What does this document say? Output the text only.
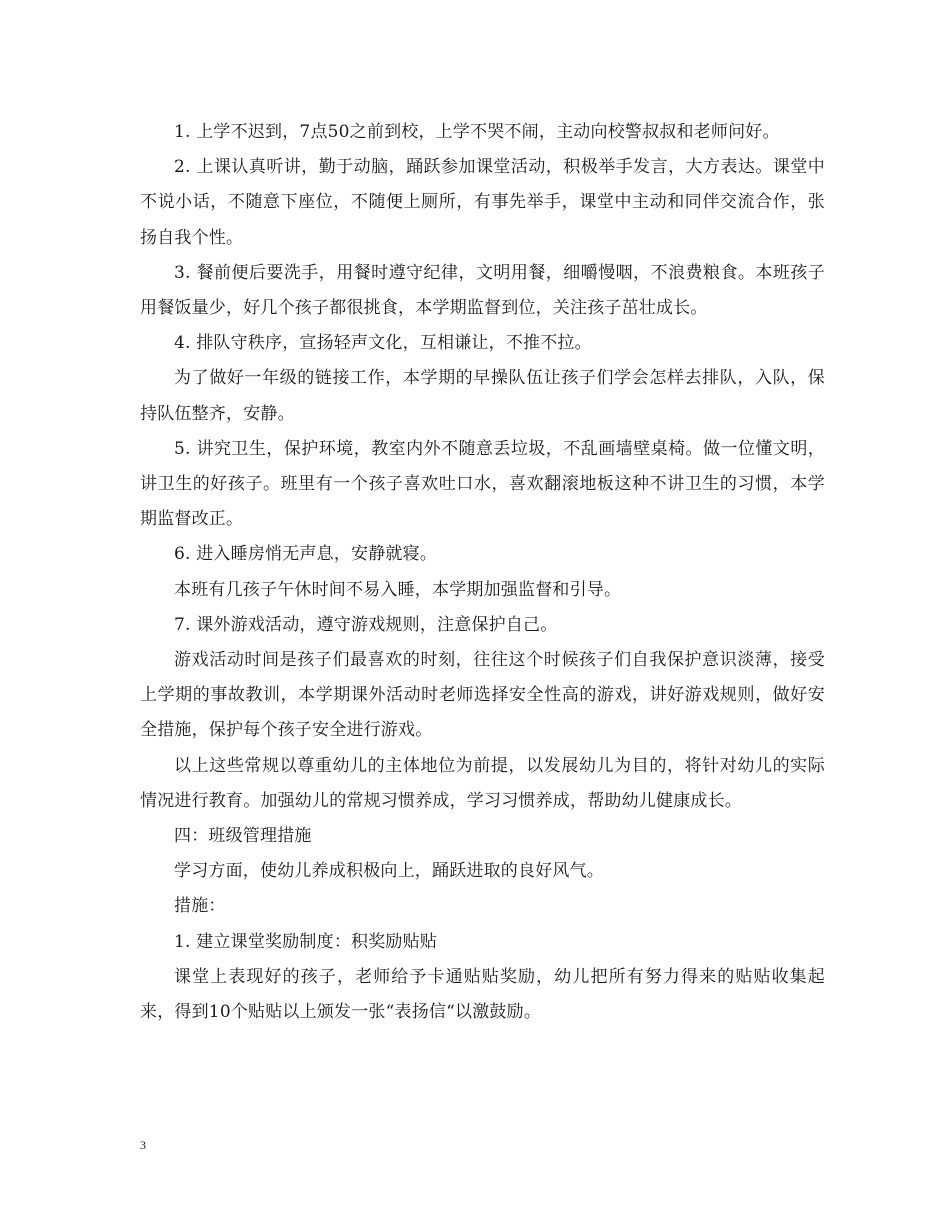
1. 上学不迟到，7点50之前到校，上学不哭不闹，主动向校警叔叔和老师问好。

2. 上课认真听讲，勤于动脑，踊跃参加课堂活动，积极举手发言，大方表达。课堂中不说小话，不随意下座位，不随便上厕所，有事先举手，课堂中主动和同伴交流合作，张扬自我个性。

3. 餐前便后要洗手，用餐时遵守纪律，文明用餐，细嚼慢咽，不浪费粮食。本班孩子用餐饭量少，好几个孩子都很挑食，本学期监督到位，关注孩子茁壮成长。

4. 排队守秩序，宣扬轻声文化，互相谦让，不推不拉。

为了做好一年级的链接工作，本学期的早操队伍让孩子们学会怎样去排队，入队，保持队伍整齐，安静。

5. 讲究卫生，保护环境，教室内外不随意丢垃圾，不乱画墙壁桌椅。做一位懂文明，讲卫生的好孩子。班里有一个孩子喜欢吐口水，喜欢翻滚地板这种不讲卫生的习惯，本学期监督改正。

6. 进入睡房悄无声息，安静就寝。

本班有几孩子午休时间不易入睡，本学期加强监督和引导。

7. 课外游戏活动，遵守游戏规则，注意保护自己。

游戏活动时间是孩子们最喜欢的时刻，往往这个时候孩子们自我保护意识淡薄，接受上学期的事故教训，本学期课外活动时老师选择安全性高的游戏，讲好游戏规则，做好安全措施，保护每个孩子安全进行游戏。

以上这些常规以尊重幼儿的主体地位为前提，以发展幼儿为目的，将针对幼儿的实际情况进行教育。加强幼儿的常规习惯养成，学习习惯养成，帮助幼儿健康成长。

四：班级管理措施

学习方面，使幼儿养成积极向上，踊跃进取的良好风气。

措施：

1. 建立课堂奖励制度：积奖励贴贴

课堂上表现好的孩子，老师给予卡通贴贴奖励，幼儿把所有努力得来的贴贴收集起来，得到10个贴贴以上颁发一张“表扬信“以激鼓励。

3
